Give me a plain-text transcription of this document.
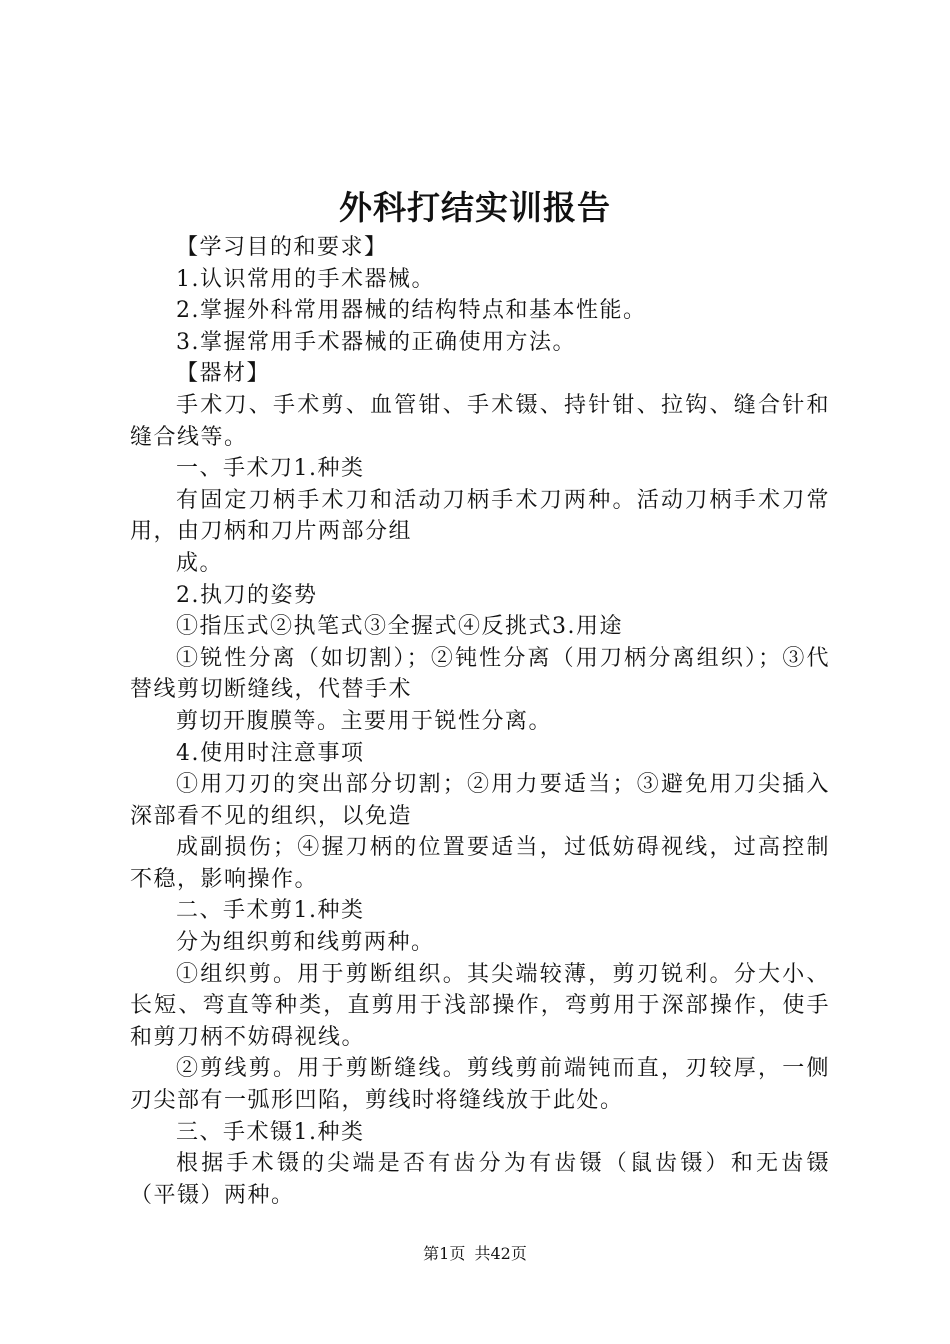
外科打结实训报告

【学习目的和要求】

1.认识常用的手术器械。

2.掌握外科常用器械的结构特点和基本性能。

3.掌握常用手术器械的正确使用方法。

【器材】

手术刀、手术剪、血管钳、手术镊、持针钳、拉钩、缝合针和缝合线等。

一、手术刀1.种类

有固定刀柄手术刀和活动刀柄手术刀两种。活动刀柄手术刀常用，由刀柄和刀片两部分组

成。

2.执刀的姿势

①指压式②执笔式③全握式④反挑式3.用途

①锐性分离（如切割）；②钝性分离（用刀柄分离组织）；③代替线剪切断缝线，代替手术

剪切开腹膜等。主要用于锐性分离。

4.使用时注意事项

①用刀刃的突出部分切割；②用力要适当；③避免用刀尖插入深部看不见的组织，以免造

成副损伤；④握刀柄的位置要适当，过低妨碍视线，过高控制不稳，影响操作。

二、手术剪1.种类

分为组织剪和线剪两种。

①组织剪。用于剪断组织。其尖端较薄，剪刃锐利。分大小、长短、弯直等种类，直剪用于浅部操作，弯剪用于深部操作，使手和剪刀柄不妨碍视线。

②剪线剪。用于剪断缝线。剪线剪前端钝而直，刃较厚，一侧刃尖部有一弧形凹陷，剪线时将缝线放于此处。

三、手术镊1.种类

根据手术镊的尖端是否有齿分为有齿镊（鼠齿镊）和无齿镊（平镊）两种。

第1页 共42页
